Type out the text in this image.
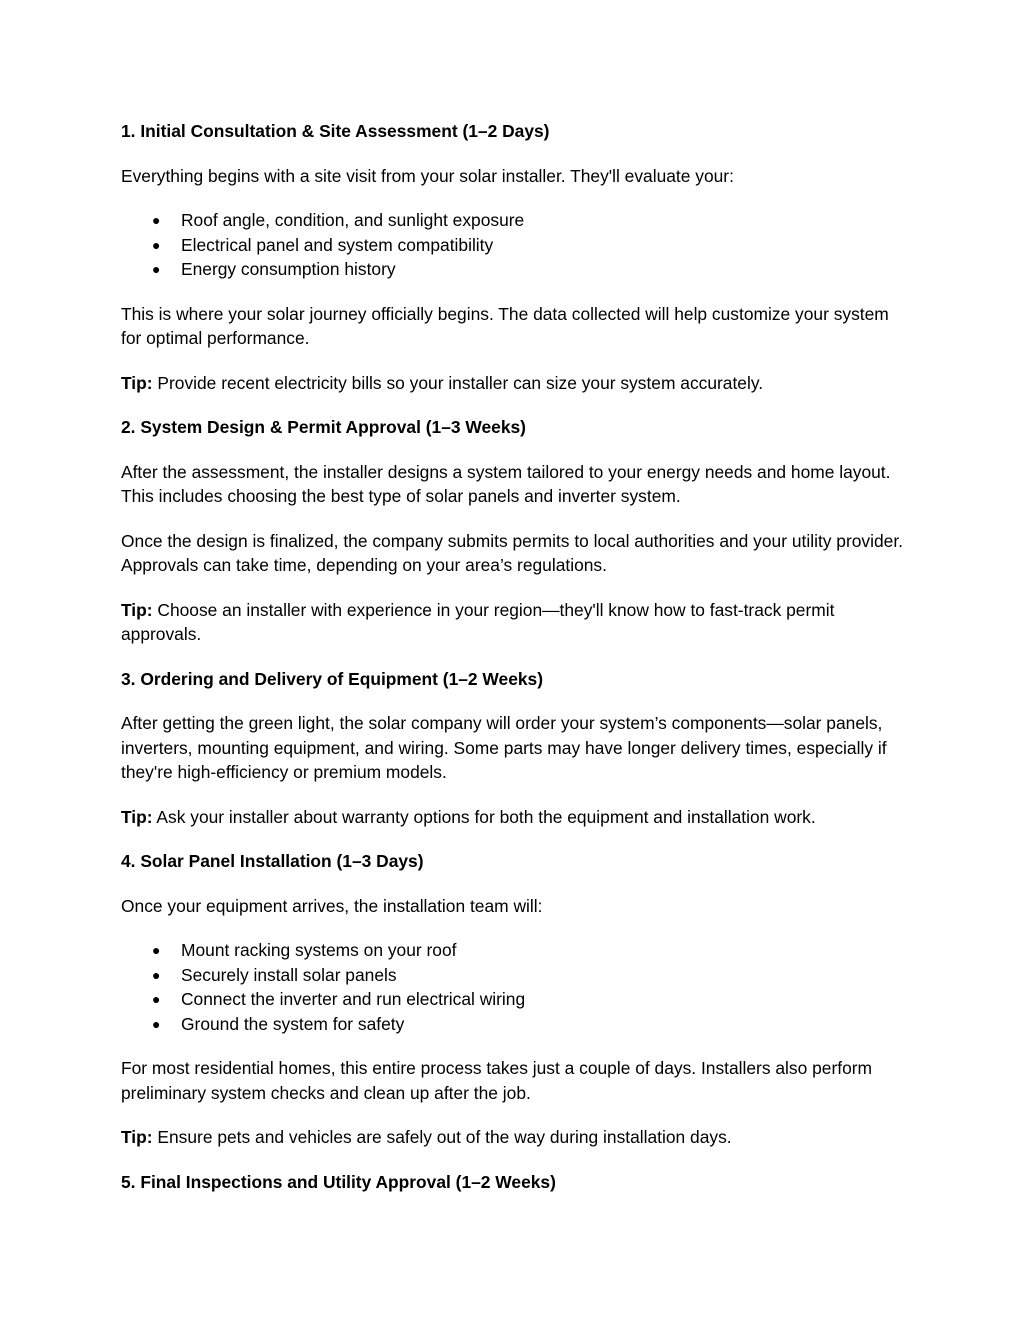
1. Initial Consultation & Site Assessment (1–2 Days)
Everything begins with a site visit from your solar installer. They'll evaluate your:
● Roof angle, condition, and sunlight exposure
● Electrical panel and system compatibility
● Energy consumption history
This is where your solar journey officially begins. The data collected will help customize your system for optimal performance.
Tip: Provide recent electricity bills so your installer can size your system accurately.
2. System Design & Permit Approval (1–3 Weeks)
After the assessment, the installer designs a system tailored to your energy needs and home layout. This includes choosing the best type of solar panels and inverter system.
Once the design is finalized, the company submits permits to local authorities and your utility provider. Approvals can take time, depending on your area’s regulations.
Tip: Choose an installer with experience in your region—they'll know how to fast-track permit approvals.
3. Ordering and Delivery of Equipment (1–2 Weeks)
After getting the green light, the solar company will order your system’s components—solar panels, inverters, mounting equipment, and wiring. Some parts may have longer delivery times, especially if they're high-efficiency or premium models.
Tip: Ask your installer about warranty options for both the equipment and installation work.
4. Solar Panel Installation (1–3 Days)
Once your equipment arrives, the installation team will:
● Mount racking systems on your roof
● Securely install solar panels
● Connect the inverter and run electrical wiring
● Ground the system for safety
For most residential homes, this entire process takes just a couple of days. Installers also perform preliminary system checks and clean up after the job.
Tip: Ensure pets and vehicles are safely out of the way during installation days.
5. Final Inspections and Utility Approval (1–2 Weeks)
